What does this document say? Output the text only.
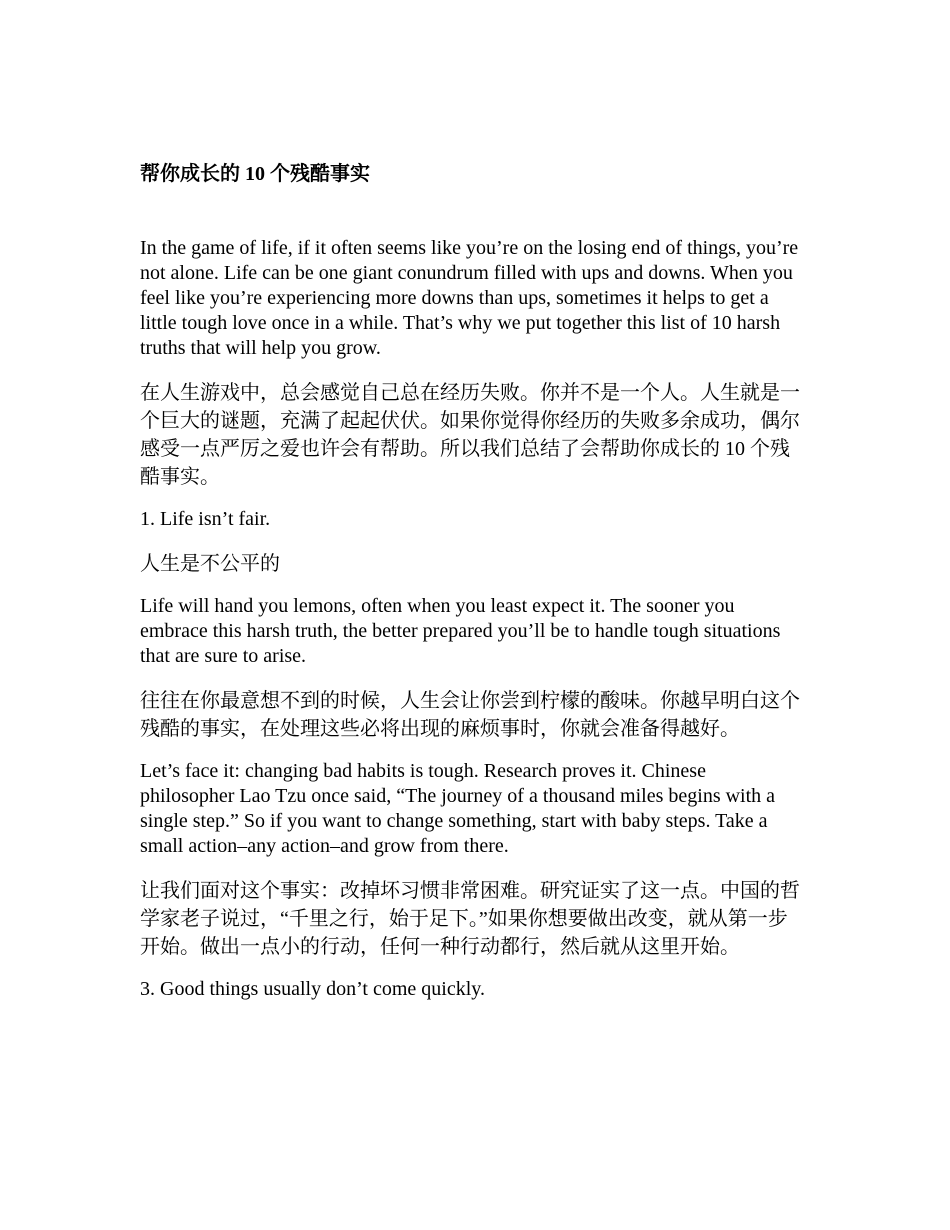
帮你成长的 10 个残酷事实

In the game of life, if it often seems like you’re on the losing end of things, you’re not alone. Life can be one giant conundrum filled with ups and downs. When you feel like you’re experiencing more downs than ups, sometimes it helps to get a little tough love once in a while. That’s why we put together this list of 10 harsh truths that will help you grow.

在人生游戏中，总会感觉自己总在经历失败。你并不是一个人。人生就是一个巨大的谜题，充满了起起伏伏。如果你觉得你经历的失败多余成功，偶尔感受一点严厉之爱也许会有帮助。所以我们总结了会帮助你成长的 10 个残酷事实。

1. Life isn’t fair.

人生是不公平的

Life will hand you lemons, often when you least expect it. The sooner you embrace this harsh truth, the better prepared you’ll be to handle tough situations that are sure to arise.

往往在你最意想不到的时候，人生会让你尝到柠檬的酸味。你越早明白这个残酷的事实，在处理这些必将出现的麻烦事时，你就会准备得越好。

Let’s face it: changing bad habits is tough. Research proves it. Chinese philosopher Lao Tzu once said, “The journey of a thousand miles begins with a single step.” So if you want to change something, start with baby steps. Take a small action–any action–and grow from there.

让我们面对这个事实：改掉坏习惯非常困难。研究证实了这一点。中国的哲学家老子说过，“千里之行，始于足下。”如果你想要做出改变，就从第一步开始。做出一点小的行动，任何一种行动都行，然后就从这里开始。

3. Good things usually don’t come quickly.
